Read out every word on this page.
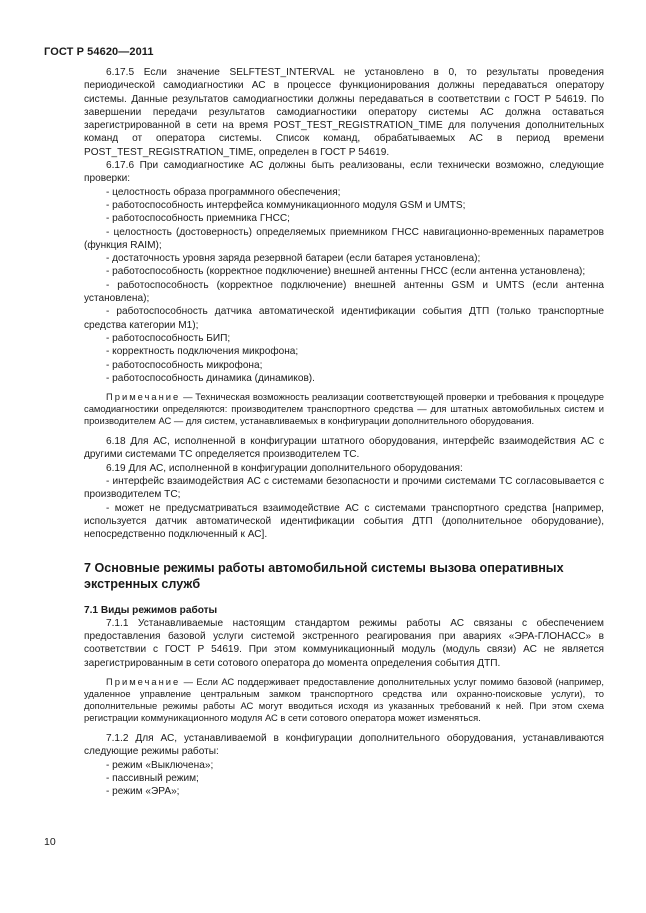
ГОСТ Р 54620—2011

6.17.5 Если значение SELFTEST_INTERVAL не установлено в 0, то результаты проведения периодической самодиагностики АС в процессе функционирования должны передаваться оператору системы. Данные результатов самодиагностики должны передаваться в соответствии с ГОСТ Р 54619. По завершении передачи результатов самодиагностики оператору системы АС должна оставаться зарегистрированной в сети на время POST_TEST_REGISTRATION_TIME для получения дополнительных команд от оператора системы. Список команд, обрабатываемых АС в период времени POST_TEST_REGISTRATION_TIME, определен в ГОСТ Р 54619.

6.17.6 При самодиагностике АС должны быть реализованы, если технически возможно, следующие проверки:

- целостность образа программного обеспечения;

- работоспособность интерфейса коммуникационного модуля GSM и UMTS;

- работоспособность приемника ГНСС;

- целостность (достоверность) определяемых приемником ГНСС навигационно-временных параметров (функция RAIM);

- достаточность уровня заряда резервной батареи (если батарея установлена);

- работоспособность (корректное подключение) внешней антенны ГНСС (если антенна установлена);

- работоспособность (корректное подключение) внешней антенны GSM и UMTS (если антенна установлена);

- работоспособность датчика автоматической идентификации события ДТП (только транспортные средства категории М1);

- работоспособность БИП;

- корректность подключения микрофона;

- работоспособность микрофона;

- работоспособность динамика (динамиков).

Примечание — Техническая возможность реализации соответствующей проверки и требования к процедуре самодиагностики определяются: производителем транспортного средства — для штатных автомобильных систем и производителем АС — для систем, устанавливаемых в конфигурации дополнительного оборудования.

6.18 Для АС, исполненной в конфигурации штатного оборудования, интерфейс взаимодействия АС с другими системами ТС определяется производителем ТС.

6.19 Для АС, исполненной в конфигурации дополнительного оборудования:

- интерфейс взаимодействия АС с системами безопасности и прочими системами ТС согласовывается с производителем ТС;

- может не предусматриваться взаимодействие АС с системами транспортного средства [например, используется датчик автоматической идентификации события ДТП (дополнительное оборудование), непосредственно подключенный к АС].

7 Основные режимы работы автомобильной системы вызова оперативных экстренных служб

7.1 Виды режимов работы

7.1.1 Устанавливаемые настоящим стандартом режимы работы АС связаны с обеспечением предоставления базовой услуги системой экстренного реагирования при авариях «ЭРА-ГЛОНАСС» в соответствии с ГОСТ Р 54619. При этом коммуникационный модуль (модуль связи) АС не является зарегистрированным в сети сотового оператора до момента определения события ДТП.

Примечание — Если АС поддерживает предоставление дополнительных услуг помимо базовой (например, удаленное управление центральным замком транспортного средства или охранно-поисковые услуги), то дополнительные режимы работы АС могут вводиться исходя из указанных требований к ней. При этом схема регистрации коммуникационного модуля АС в сети сотового оператора может изменяться.

7.1.2 Для АС, устанавливаемой в конфигурации дополнительного оборудования, устанавливаются следующие режимы работы:

- режим «Выключена»;

- пассивный режим;

- режим «ЭРА»;

10
